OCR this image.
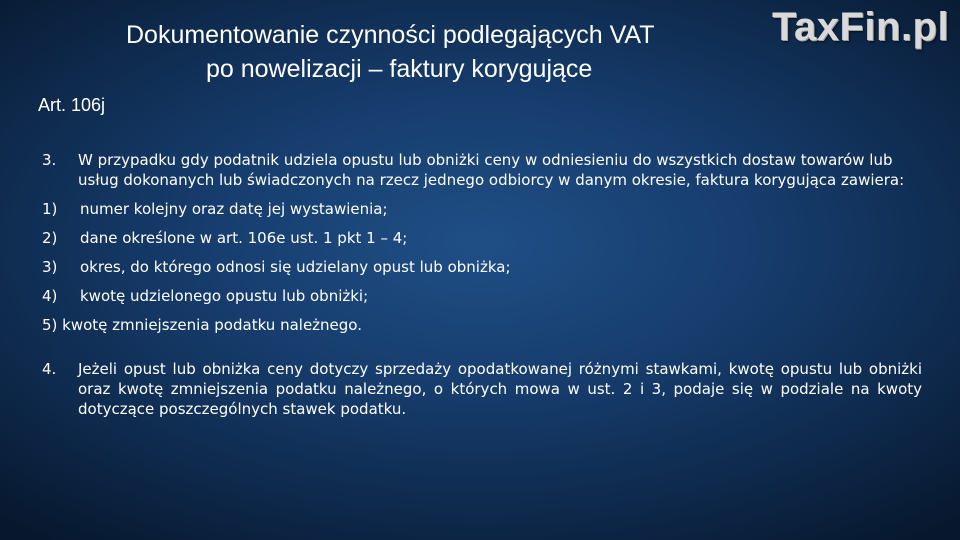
Dokumentowanie czynności podlegających VAT
po nowelizacji – faktury korygujące
Art. 106j
TaxFin.pl
3.	W przypadku gdy podatnik udziela opustu lub obniżki ceny w odniesieniu do wszystkich dostaw towarów lub usług dokonanych lub świadczonych na rzecz jednego odbiorcy w danym okresie, faktura korygująca zawiera:
1)	numer kolejny oraz datę jej wystawienia;
2)	dane określone w art. 106e ust. 1 pkt 1 – 4;
3)	okres, do którego odnosi się udzielany opust lub obniżka;
4)	kwotę udzielonego opustu lub obniżki;
5) kwotę zmniejszenia podatku należnego.
4.	Jeżeli opust lub obniżka ceny dotyczy sprzedaży opodatkowanej różnymi stawkami, kwotę opustu lub obniżki oraz kwotę zmniejszenia podatku należnego, o których mowa w ust. 2 i 3, podaje się w podziale na kwoty dotyczące poszczególnych stawek podatku.
